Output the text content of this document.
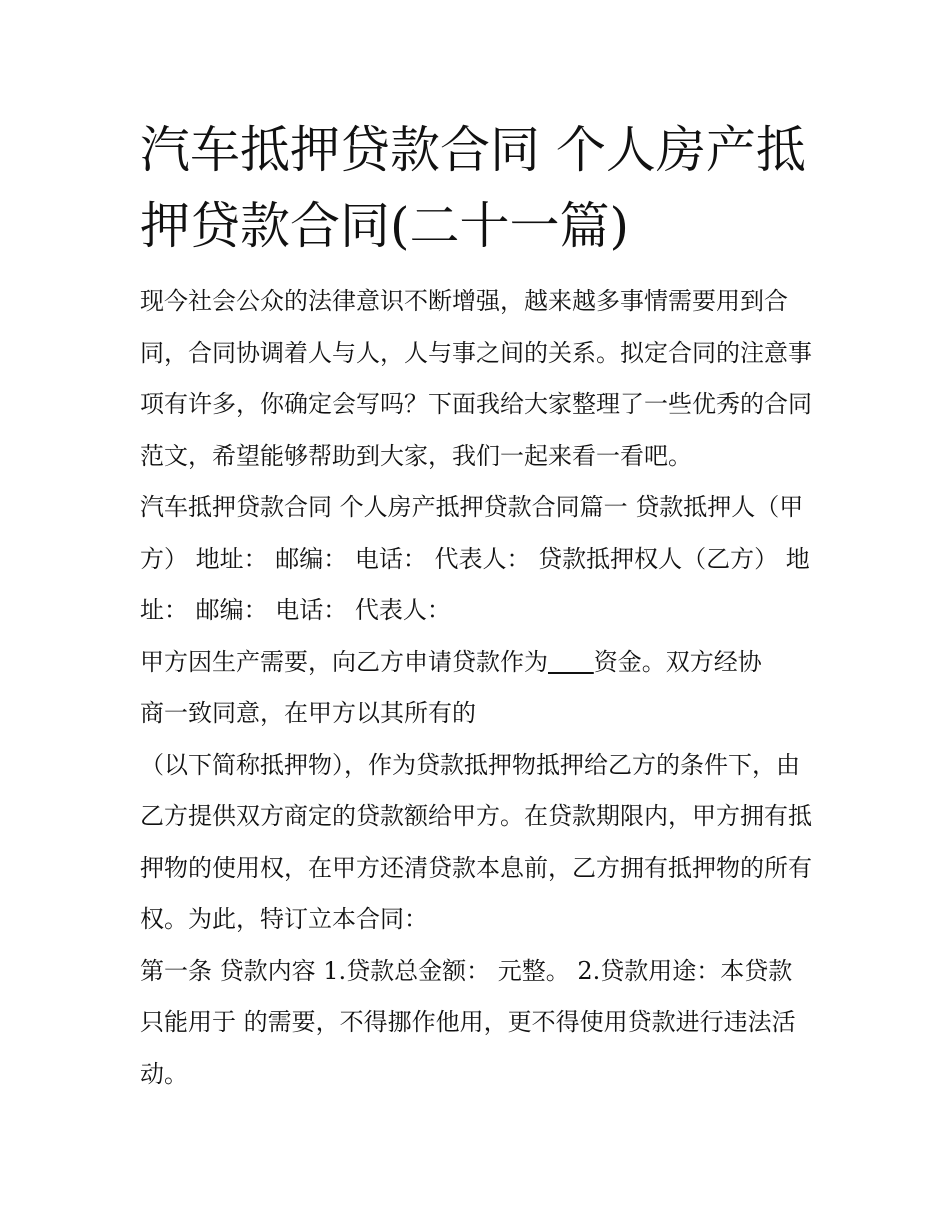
汽车抵押贷款合同 个人房产抵押贷款合同(二十一篇)

现今社会公众的法律意识不断增强，越来越多事情需要用到合同，合同协调着人与人，人与事之间的关系。拟定合同的注意事项有许多，你确定会写吗？下面我给大家整理了一些优秀的合同范文，希望能够帮助到大家，我们一起来看一看吧。

汽车抵押贷款合同 个人房产抵押贷款合同篇一 贷款抵押人（甲方） 地址： 邮编： 电话： 代表人： 贷款抵押权人（乙方） 地址： 邮编： 电话： 代表人：

甲方因生产需要，向乙方申请贷款作为 资金。双方经协

商一致同意，在甲方以其所有的

（以下简称抵押物），作为贷款抵押物抵押给乙方的条件下，由乙方提供双方商定的贷款额给甲方。在贷款期限内，甲方拥有抵押物的使用权，在甲方还清贷款本息前，乙方拥有抵押物的所有权。为此，特订立本合同：

第一条 贷款内容 1.贷款总金额： 元整。 2.贷款用途：本贷款只能用于 的需要，不得挪作他用，更不得使用贷款进行违法活动。
